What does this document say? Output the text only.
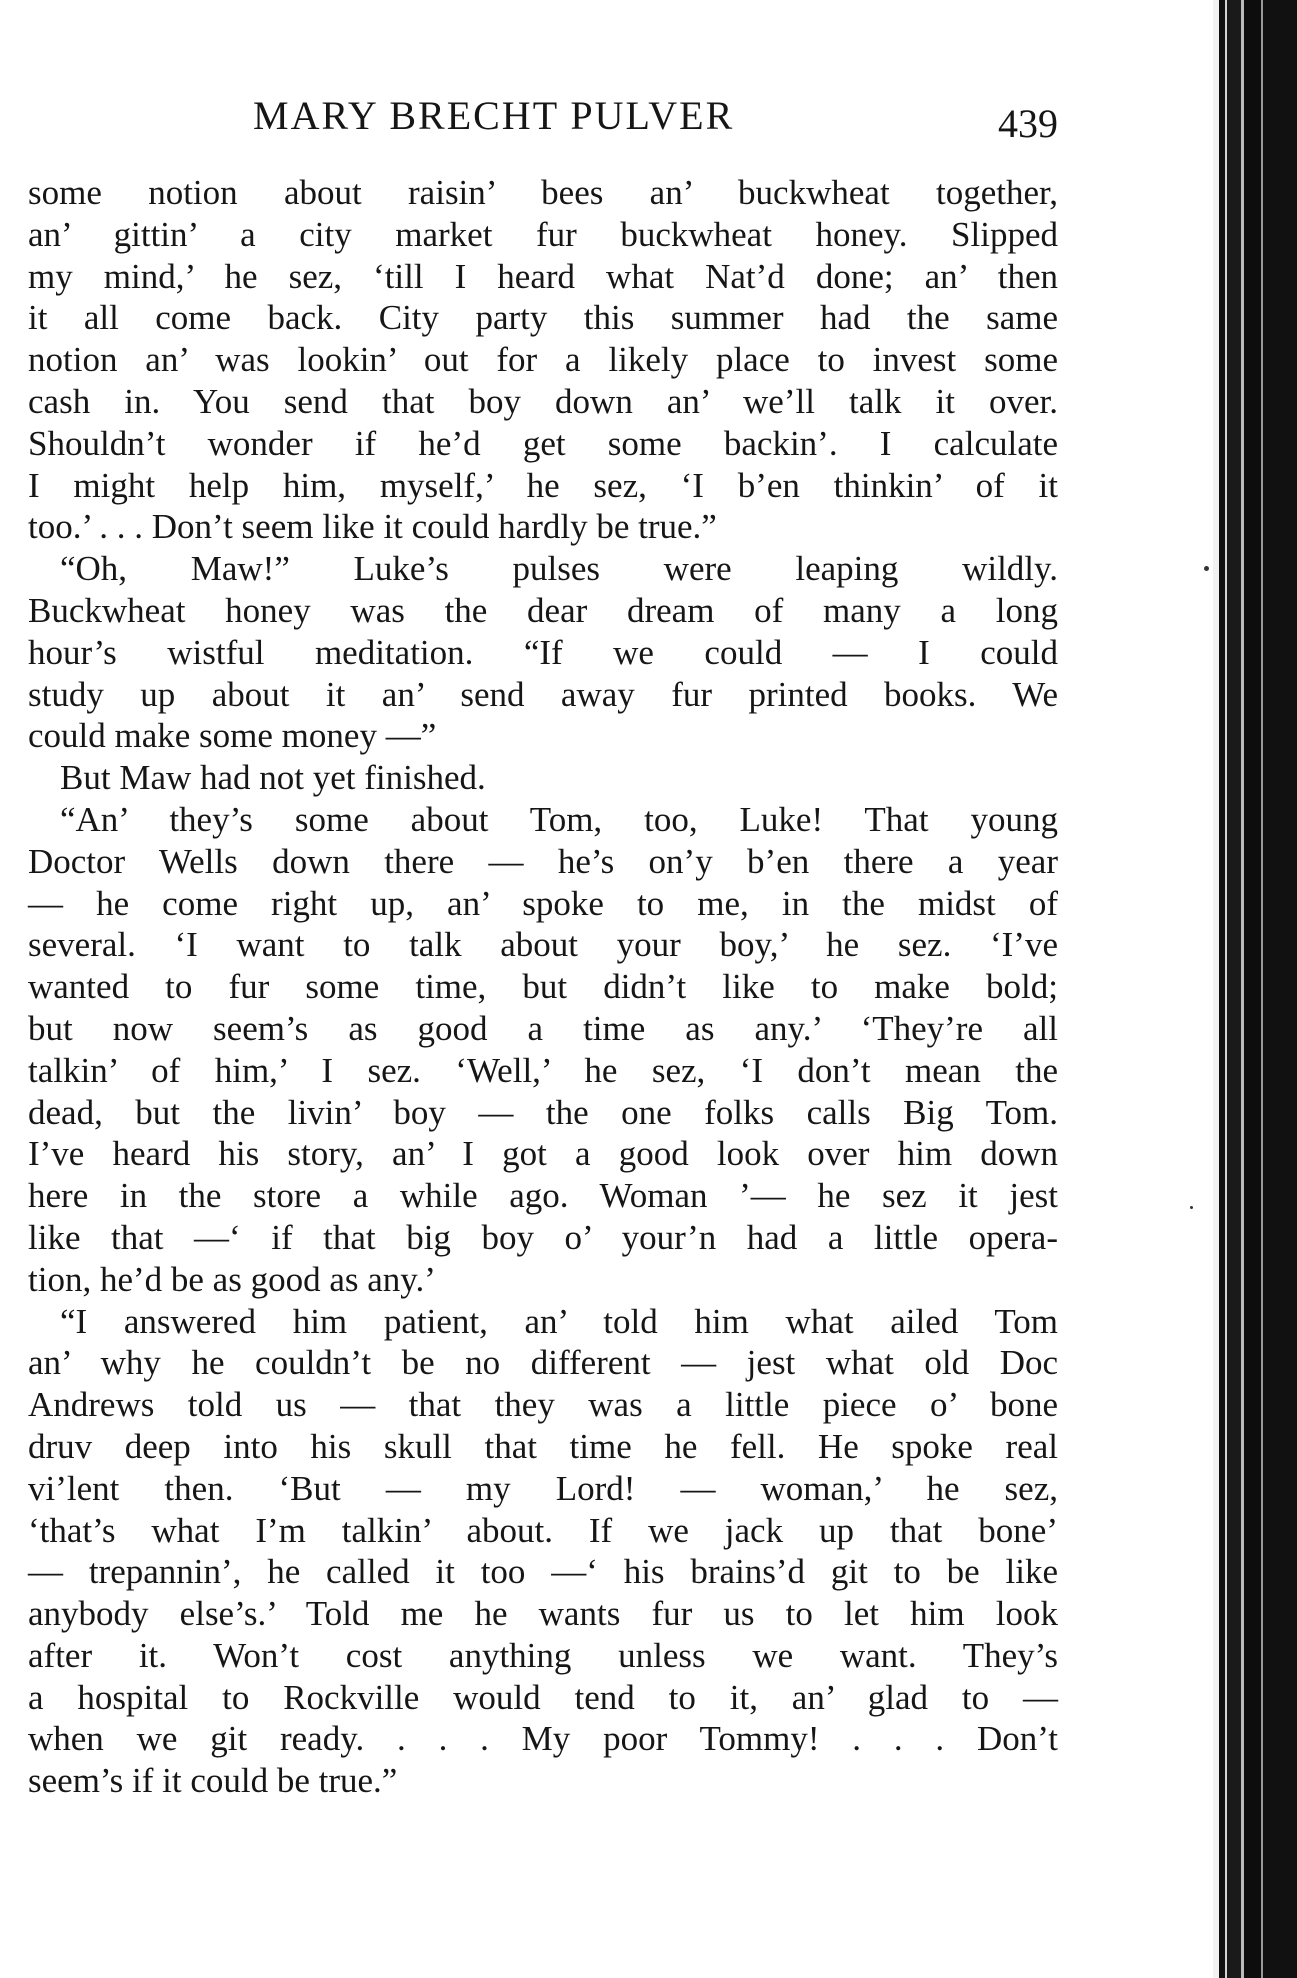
MARY BRECHT PULVER	439
some notion about raisin’ bees an’ buckwheat together,
an’ gittin’ a city market fur buckwheat honey. Slipped
my mind,’ he sez, ‘till I heard what Nat’d done; an’ then
it all come back. City party this summer had the same
notion an’ was lookin’ out for a likely place to invest some
cash in. You send that boy down an’ we’ll talk it over.
Shouldn’t wonder if he’d get some backin’. I calculate
I might help him, myself,’ he sez, ‘I b’en thinkin’ of it
too.’ . . . Don’t seem like it could hardly be true.”
“Oh, Maw!” Luke’s pulses were leaping wildly.
Buckwheat honey was the dear dream of many a long
hour’s wistful meditation. “If we could — I could
study up about it an’ send away fur printed books. We
could make some money —”
But Maw had not yet finished.
“An’ they’s some about Tom, too, Luke! That young
Doctor Wells down there — he’s on’y b’en there a year
— he come right up, an’ spoke to me, in the midst of
several. ‘I want to talk about your boy,’ he sez. ‘I’ve
wanted to fur some time, but didn’t like to make bold;
but now seem’s as good a time as any.’ ‘They’re all
talkin’ of him,’ I sez. ‘Well,’ he sez, ‘I don’t mean the
dead, but the livin’ boy — the one folks calls Big Tom.
I’ve heard his story, an’ I got a good look over him down
here in the store a while ago. Woman ’— he sez it jest
like that —‘ if that big boy o’ your’n had a little opera-
tion, he’d be as good as any.’
“I answered him patient, an’ told him what ailed Tom
an’ why he couldn’t be no different — jest what old Doc
Andrews told us — that they was a little piece o’ bone
druv deep into his skull that time he fell. He spoke real
vi’lent then. ‘But — my Lord! — woman,’ he sez,
‘that’s what I’m talkin’ about. If we jack up that bone’
— trepannin’, he called it too —‘ his brains’d git to be like
anybody else’s.’ Told me he wants fur us to let him look
after it. Won’t cost anything unless we want. They’s
a hospital to Rockville would tend to it, an’ glad to —
when we git ready. . . . My poor Tommy! . . . Don’t
seem’s if it could be true.”
